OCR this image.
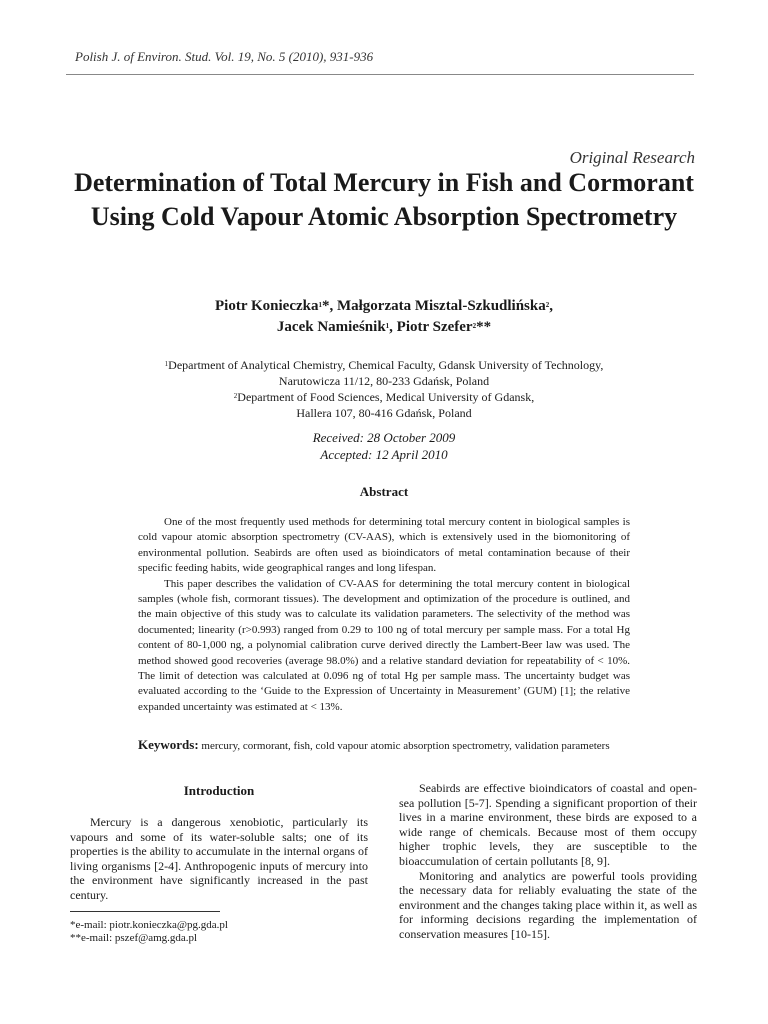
Polish J. of Environ. Stud. Vol. 19, No. 5 (2010), 931-936
Original Research
Determination of Total Mercury in Fish and Cormorant Using Cold Vapour Atomic Absorption Spectrometry
Piotr Konieczka$^1$*, Małgorzata Misztal-Szkudlińska$^2$,
Jacek Namieśnik$^1$, Piotr Szefer$^2$**
$^1$Department of Analytical Chemistry, Chemical Faculty, Gdansk University of Technology,
Narutowicza 11/12, 80-233 Gdańsk, Poland
$^2$Department of Food Sciences, Medical University of Gdansk,
Hallera 107, 80-416 Gdańsk, Poland
Received: 28 October 2009
Accepted: 12 April 2010
Abstract

One of the most frequently used methods for determining total mercury content in biological samples is cold vapour atomic absorption spectrometry (CV-AAS), which is extensively used in the biomonitoring of environmental pollution. Seabirds are often used as bioindicators of metal contamination because of their specific feeding habits, wide geographical ranges and long lifespan.

This paper describes the validation of CV-AAS for determining the total mercury content in biological samples (whole fish, cormorant tissues). The development and optimization of the procedure is outlined, and the main objective of this study was to calculate its validation parameters. The selectivity of the method was documented; linearity (r>0.993) ranged from 0.29 to 100 ng of total mercury per sample mass. For a total Hg content of 80-1,000 ng, a polynomial calibration curve derived directly the Lambert-Beer law was used. The method showed good recoveries (average 98.0%) and a relative standard deviation for repeatability of < 10%. The limit of detection was calculated at 0.096 ng of total Hg per sample mass. The uncertainty budget was evaluated according to the ‘Guide to the Expression of Uncertainty in Measurement’ (GUM) [1]; the relative expanded uncertainty was estimated at < 13%.

Keywords: mercury, cormorant, fish, cold vapour atomic absorption spectrometry, validation parameters
Introduction

Mercury is a dangerous xenobiotic, particularly its vapours and some of its water-soluble salts; one of its properties is the ability to accumulate in the internal organs of living organisms [2-4]. Anthropogenic inputs of mercury into the environment have significantly increased in the past century.

Seabirds are effective bioindicators of coastal and open-sea pollution [5-7]. Spending a significant proportion of their lives in a marine environment, these birds are exposed to a wide range of chemicals. Because most of them occupy higher trophic levels, they are susceptible to the bioaccumulation of certain pollutants [8, 9].

Monitoring and analytics are powerful tools providing the necessary data for reliably evaluating the state of the environment and the changes taking place within it, as well as for informing decisions regarding the implementation of conservation measures [10-15].

*e-mail: piotr.konieczka@pg.gda.pl
**e-mail: pszef@amg.gda.pl
